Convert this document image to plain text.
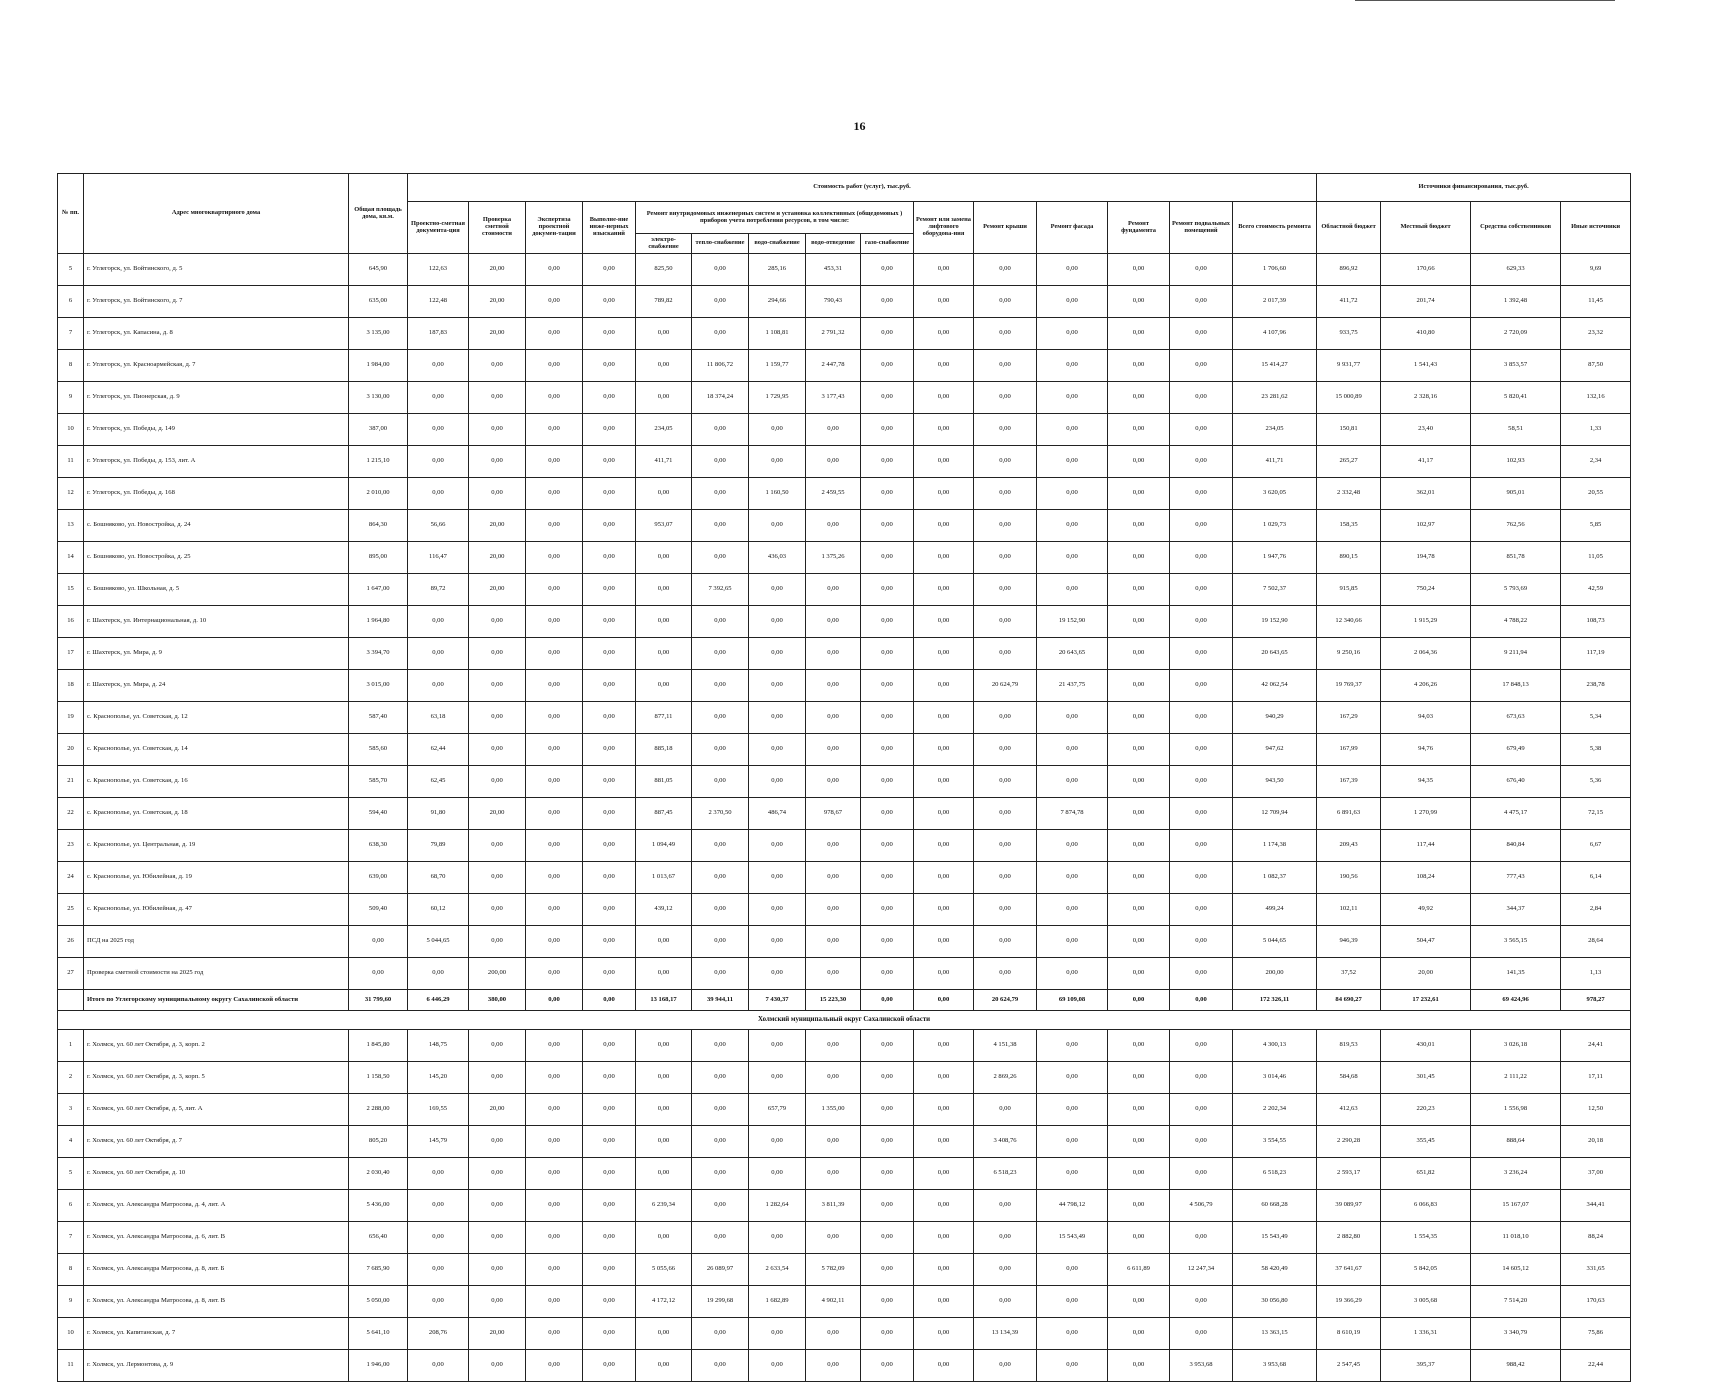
16
№ пп.	Адрес многоквартирного дома	Общая площадь дома, кв.м.	Стоимость работ (услуг), тыс.руб.															Источники финансирования, тыс.руб.			
			Проектно-сметная документа-ция	Проверка сметной стоимости	Экспертиза проектной докумен-тации	Выполне-ние инже-нерных изысканий	Ремонт внутридомовых инженерных систем и установка коллективных (общедомовых ) приборов учета потребления ресурсов, в том числе:					Ремонт или замена лифтового оборудова-ния	Ремонт крыши	Ремонт фасада	Ремонт фундамента	Ремонт подвальных помещений	Всего стоимость ремонта	Областной бюджет	Местный бюджет	Средства собственников	Иные источники
							электро-снабжение	тепло-снабжение	водо-снабжение	водо-отведение	газо-снабжение										
5	г. Углегорск, ул. Войтинского, д. 5	645,90	122,63	20,00	0,00	0,00	825,50	0,00	285,16	453,31	0,00	0,00	0,00	0,00	0,00	0,00	1 706,60	896,92	170,66	629,33	9,69
6	г. Углегорск, ул. Войтинского, д. 7	635,00	122,48	20,00	0,00	0,00	789,82	0,00	294,66	790,43	0,00	0,00	0,00	0,00	0,00	0,00	2 017,39	411,72	201,74	1 392,48	11,45
7	г. Углегорск, ул. Капасина, д. 8	3 135,00	187,83	20,00	0,00	0,00	0,00	0,00	1 108,81	2 791,32	0,00	0,00	0,00	0,00	0,00	0,00	4 107,96	933,75	410,80	2 720,09	23,32
8	г. Углегорск, ул. Красноармейская, д. 7	1 984,00	0,00	0,00	0,00	0,00	0,00	11 806,72	1 159,77	2 447,78	0,00	0,00	0,00	0,00	0,00	0,00	15 414,27	9 931,77	1 541,43	3 853,57	87,50
9	г. Углегорск, ул. Пионерская, д. 9	3 130,00	0,00	0,00	0,00	0,00	0,00	18 374,24	1 729,95	3 177,43	0,00	0,00	0,00	0,00	0,00	0,00	23 281,62	15 000,89	2 328,16	5 820,41	132,16
10	г. Углегорск, ул. Победы, д. 149	387,00	0,00	0,00	0,00	0,00	234,05	0,00	0,00	0,00	0,00	0,00	0,00	0,00	0,00	0,00	234,05	150,81	23,40	58,51	1,33
11	г. Углегорск, ул. Победы, д. 153, лит. А	1 215,10	0,00	0,00	0,00	0,00	411,71	0,00	0,00	0,00	0,00	0,00	0,00	0,00	0,00	0,00	411,71	265,27	41,17	102,93	2,34
12	г. Углегорск, ул. Победы, д. 168	2 010,00	0,00	0,00	0,00	0,00	0,00	0,00	1 160,50	2 459,55	0,00	0,00	0,00	0,00	0,00	0,00	3 620,05	2 332,48	362,01	905,01	20,55
13	с. Бошняково, ул. Новостройка, д. 24	864,30	56,66	20,00	0,00	0,00	953,07	0,00	0,00	0,00	0,00	0,00	0,00	0,00	0,00	0,00	1 029,73	158,35	102,97	762,56	5,85
14	с. Бошняково, ул. Новостройка, д. 25	895,00	116,47	20,00	0,00	0,00	0,00	0,00	436,03	1 375,26	0,00	0,00	0,00	0,00	0,00	0,00	1 947,76	890,15	194,78	851,78	11,05
15	с. Бошняково, ул. Школьная, д. 5	1 647,00	89,72	20,00	0,00	0,00	0,00	7 392,65	0,00	0,00	0,00	0,00	0,00	0,00	0,00	0,00	7 502,37	915,85	750,24	5 793,69	42,59
16	г. Шахтерск, ул. Интернациональная, д. 10	1 964,80	0,00	0,00	0,00	0,00	0,00	0,00	0,00	0,00	0,00	0,00	0,00	19 152,90	0,00	0,00	19 152,90	12 340,66	1 915,29	4 788,22	108,73
17	г. Шахтерск, ул. Мира, д. 9	3 394,70	0,00	0,00	0,00	0,00	0,00	0,00	0,00	0,00	0,00	0,00	0,00	20 643,65	0,00	0,00	20 643,65	9 250,16	2 064,36	9 211,94	117,19
18	г. Шахтерск, ул. Мира, д. 24	3 015,00	0,00	0,00	0,00	0,00	0,00	0,00	0,00	0,00	0,00	0,00	20 624,79	21 437,75	0,00	0,00	42 062,54	19 769,37	4 206,26	17 848,13	238,78
19	с. Краснополье, ул. Советская, д. 12	587,40	63,18	0,00	0,00	0,00	877,11	0,00	0,00	0,00	0,00	0,00	0,00	0,00	0,00	0,00	940,29	167,29	94,03	673,63	5,34
20	с. Краснополье, ул. Советская, д. 14	585,60	62,44	0,00	0,00	0,00	885,18	0,00	0,00	0,00	0,00	0,00	0,00	0,00	0,00	0,00	947,62	167,99	94,76	679,49	5,38
21	с. Краснополье, ул. Советская, д. 16	585,70	62,45	0,00	0,00	0,00	881,05	0,00	0,00	0,00	0,00	0,00	0,00	0,00	0,00	0,00	943,50	167,39	94,35	676,40	5,36
22	с. Краснополье, ул. Советская, д. 18	594,40	91,80	20,00	0,00	0,00	887,45	2 370,50	486,74	978,67	0,00	0,00	0,00	7 874,78	0,00	0,00	12 709,94	6 891,63	1 270,99	4 475,17	72,15
23	с. Краснополье, ул. Центральная, д. 19	638,30	79,89	0,00	0,00	0,00	1 094,49	0,00	0,00	0,00	0,00	0,00	0,00	0,00	0,00	0,00	1 174,38	209,43	117,44	840,84	6,67
24	с. Краснополье, ул. Юбилейная, д. 19	639,00	68,70	0,00	0,00	0,00	1 013,67	0,00	0,00	0,00	0,00	0,00	0,00	0,00	0,00	0,00	1 082,37	190,56	108,24	777,43	6,14
25	с. Краснополье, ул. Юбилейная, д. 47	509,40	60,12	0,00	0,00	0,00	439,12	0,00	0,00	0,00	0,00	0,00	0,00	0,00	0,00	0,00	499,24	102,11	49,92	344,37	2,84
26	ПСД на 2025 год	0,00	5 044,65	0,00	0,00	0,00	0,00	0,00	0,00	0,00	0,00	0,00	0,00	0,00	0,00	0,00	5 044,65	946,39	504,47	3 565,15	28,64
27	Проверка сметной стоимости на 2025 год	0,00	0,00	200,00	0,00	0,00	0,00	0,00	0,00	0,00	0,00	0,00	0,00	0,00	0,00	0,00	200,00	37,52	20,00	141,35	1,13
	Итого по Углегорскому муниципальному округу Сахалинской области	31 799,60	6 446,29	380,00	0,00	0,00	13 168,17	39 944,11	7 430,37	15 223,30	0,00	0,00	20 624,79	69 109,08	0,00	0,00	172 326,11	84 690,27	17 232,61	69 424,96	978,27
Холмский муниципальный округ Сахалинской области																					
1	г. Холмск, ул. 60 лет Октября, д. 3, корп. 2	1 845,80	148,75	0,00	0,00	0,00	0,00	0,00	0,00	0,00	0,00	0,00	4 151,38	0,00	0,00	0,00	4 300,13	819,53	430,01	3 026,18	24,41
2	г. Холмск, ул. 60 лет Октября, д. 3, корп. 5	1 158,50	145,20	0,00	0,00	0,00	0,00	0,00	0,00	0,00	0,00	0,00	2 869,26	0,00	0,00	0,00	3 014,46	584,68	301,45	2 111,22	17,11
3	г. Холмск, ул. 60 лет Октября, д. 5, лит. А	2 288,00	169,55	20,00	0,00	0,00	0,00	0,00	657,79	1 355,00	0,00	0,00	0,00	0,00	0,00	0,00	2 202,34	412,63	220,23	1 556,98	12,50
4	г. Холмск, ул. 60 лет Октября, д. 7	805,20	145,79	0,00	0,00	0,00	0,00	0,00	0,00	0,00	0,00	0,00	3 408,76	0,00	0,00	0,00	3 554,55	2 290,28	355,45	888,64	20,18
5	г. Холмск, ул. 60 лет Октября, д. 10	2 030,40	0,00	0,00	0,00	0,00	0,00	0,00	0,00	0,00	0,00	0,00	6 518,23	0,00	0,00	0,00	6 518,23	2 593,17	651,82	3 236,24	37,00
6	г. Холмск, ул. Александра Матросова, д. 4, лит. А	5 436,00	0,00	0,00	0,00	0,00	6 239,34	0,00	1 282,64	3 811,39	0,00	0,00	0,00	44 798,12	0,00	4 506,79	60 668,28	39 089,97	6 066,83	15 167,07	344,41
7	г. Холмск, ул. Александра Матросова, д. 6, лит. В	656,40	0,00	0,00	0,00	0,00	0,00	0,00	0,00	0,00	0,00	0,00	0,00	15 543,49	0,00	0,00	15 543,49	2 882,80	1 554,35	11 018,10	88,24
8	г. Холмск, ул. Александра Матросова, д. 8, лит. Б	7 685,90	0,00	0,00	0,00	0,00	5 055,66	26 089,97	2 633,54	5 782,09	0,00	0,00	0,00	0,00	6 611,89	12 247,34	58 420,49	37 641,67	5 842,05	14 605,12	331,65
9	г. Холмск, ул. Александра Матросова, д. 8, лит. В	5 050,00	0,00	0,00	0,00	0,00	4 172,12	19 299,68	1 682,89	4 902,11	0,00	0,00	0,00	0,00	0,00	0,00	30 056,80	19 366,29	3 005,68	7 514,20	170,63
10	г. Холмск, ул. Капитанская, д. 7	5 641,10	208,76	20,00	0,00	0,00	0,00	0,00	0,00	0,00	0,00	0,00	13 134,39	0,00	0,00	0,00	13 363,15	8 610,19	1 336,31	3 340,79	75,86
11	г. Холмск, ул. Лермонтова, д. 9	1 946,00	0,00	0,00	0,00	0,00	0,00	0,00	0,00	0,00	0,00	0,00	0,00	0,00	0,00	3 953,68	3 953,68	2 547,45	395,37	988,42	22,44
